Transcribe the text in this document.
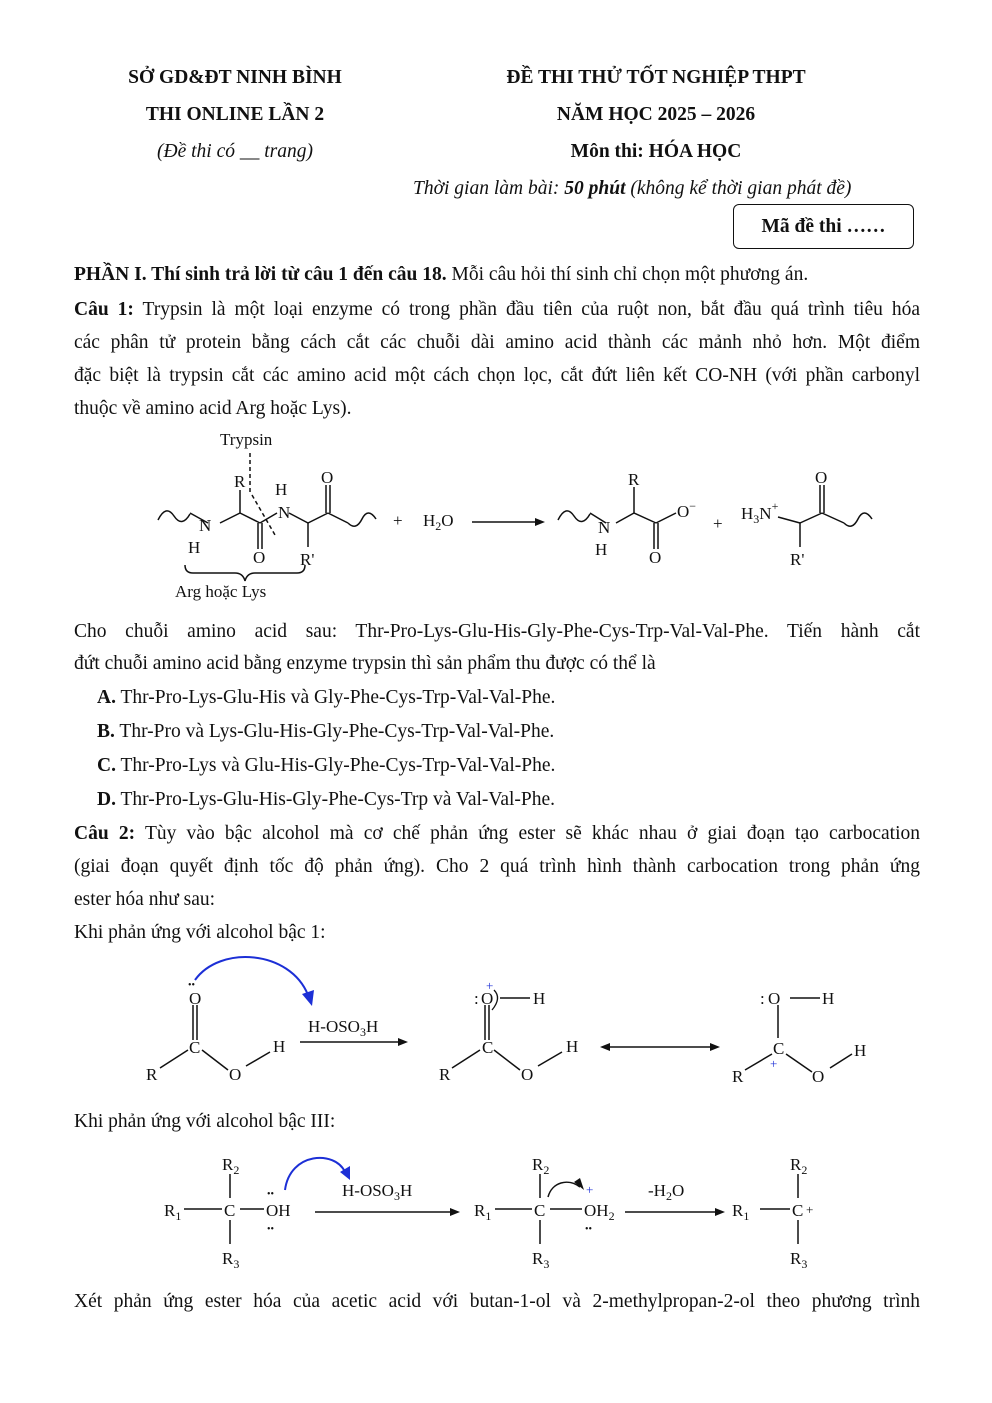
SỞ GD&ĐT NINH BÌNH
THI ONLINE LẦN 2
(Đề thi có __ trang)
ĐỀ THI THỬ TỐT NGHIỆP THPT
NĂM HỌC 2025 – 2026
Môn thi: HÓA HỌC
Thời gian làm bài: 50 phút (không kể thời gian phát đề)
Mã đề thi ……
PHẦN I. Thí sinh trả lời từ câu 1 đến câu 18. Mỗi câu hỏi thí sinh chỉ chọn một phương án.
Câu 1: Trypsin là một loại enzyme có trong phần đầu tiên của ruột non, bắt đầu quá trình tiêu hóa
các phân tử protein bằng cách cắt các chuỗi dài amino acid thành các mảnh nhỏ hơn. Một điểm
đặc biệt là trypsin cắt các amino acid một cách chọn lọc, cắt đứt liên kết CO-NH (với phần carbonyl
thuộc về amino acid Arg hoặc Lys).
Trypsin
R
N
H
O
H
N
R'
O
+ $H_2O$
R
N
H O
O−
+
$H_3N^+$
R'
O
Arg hoặc Lys
Cho chuỗi amino acid sau: Thr-Pro-Lys-Glu-His-Gly-Phe-Cys-Trp-Val-Val-Phe. Tiến hành cắt
đứt chuỗi amino acid bằng enzyme trypsin thì sản phẩm thu được có thể là
A. Thr-Pro-Lys-Glu-His và Gly-Phe-Cys-Trp-Val-Val-Phe.
B. Thr-Pro và Lys-Glu-His-Gly-Phe-Cys-Trp-Val-Val-Phe.
C. Thr-Pro-Lys và Glu-His-Gly-Phe-Cys-Trp-Val-Val-Phe.
D. Thr-Pro-Lys-Glu-His-Gly-Phe-Cys-Trp và Val-Val-Phe.
Câu 2: Tùy vào bậc alcohol mà cơ chế phản ứng ester sẽ khác nhau ở giai đoạn tạo carbocation
(giai đoạn quyết định tốc độ phản ứng). Cho 2 quá trình hình thành carbocation trong phản ứng
ester hóa như sau:
Khi phản ứng với alcohol bậc 1:
O
••
C
R	O
H
$H-OSO_3H$
: O
+
H
C
R	O
H
: O H
C
+
R	O
H
Khi phản ứng với alcohol bậc III:
$R_2$
$R_1$	C OH
••
••
$R_3$
$H-OSO_3H$
$R_2$
$R_1$	C $OH_2$
+
••
$R_3$
$-H_2O$
$R_2$
$R_1$	C +
$R_3$
Xét phản ứng ester hóa của acetic acid với butan-1-ol và 2-methylpropan-2-ol theo phương trình
